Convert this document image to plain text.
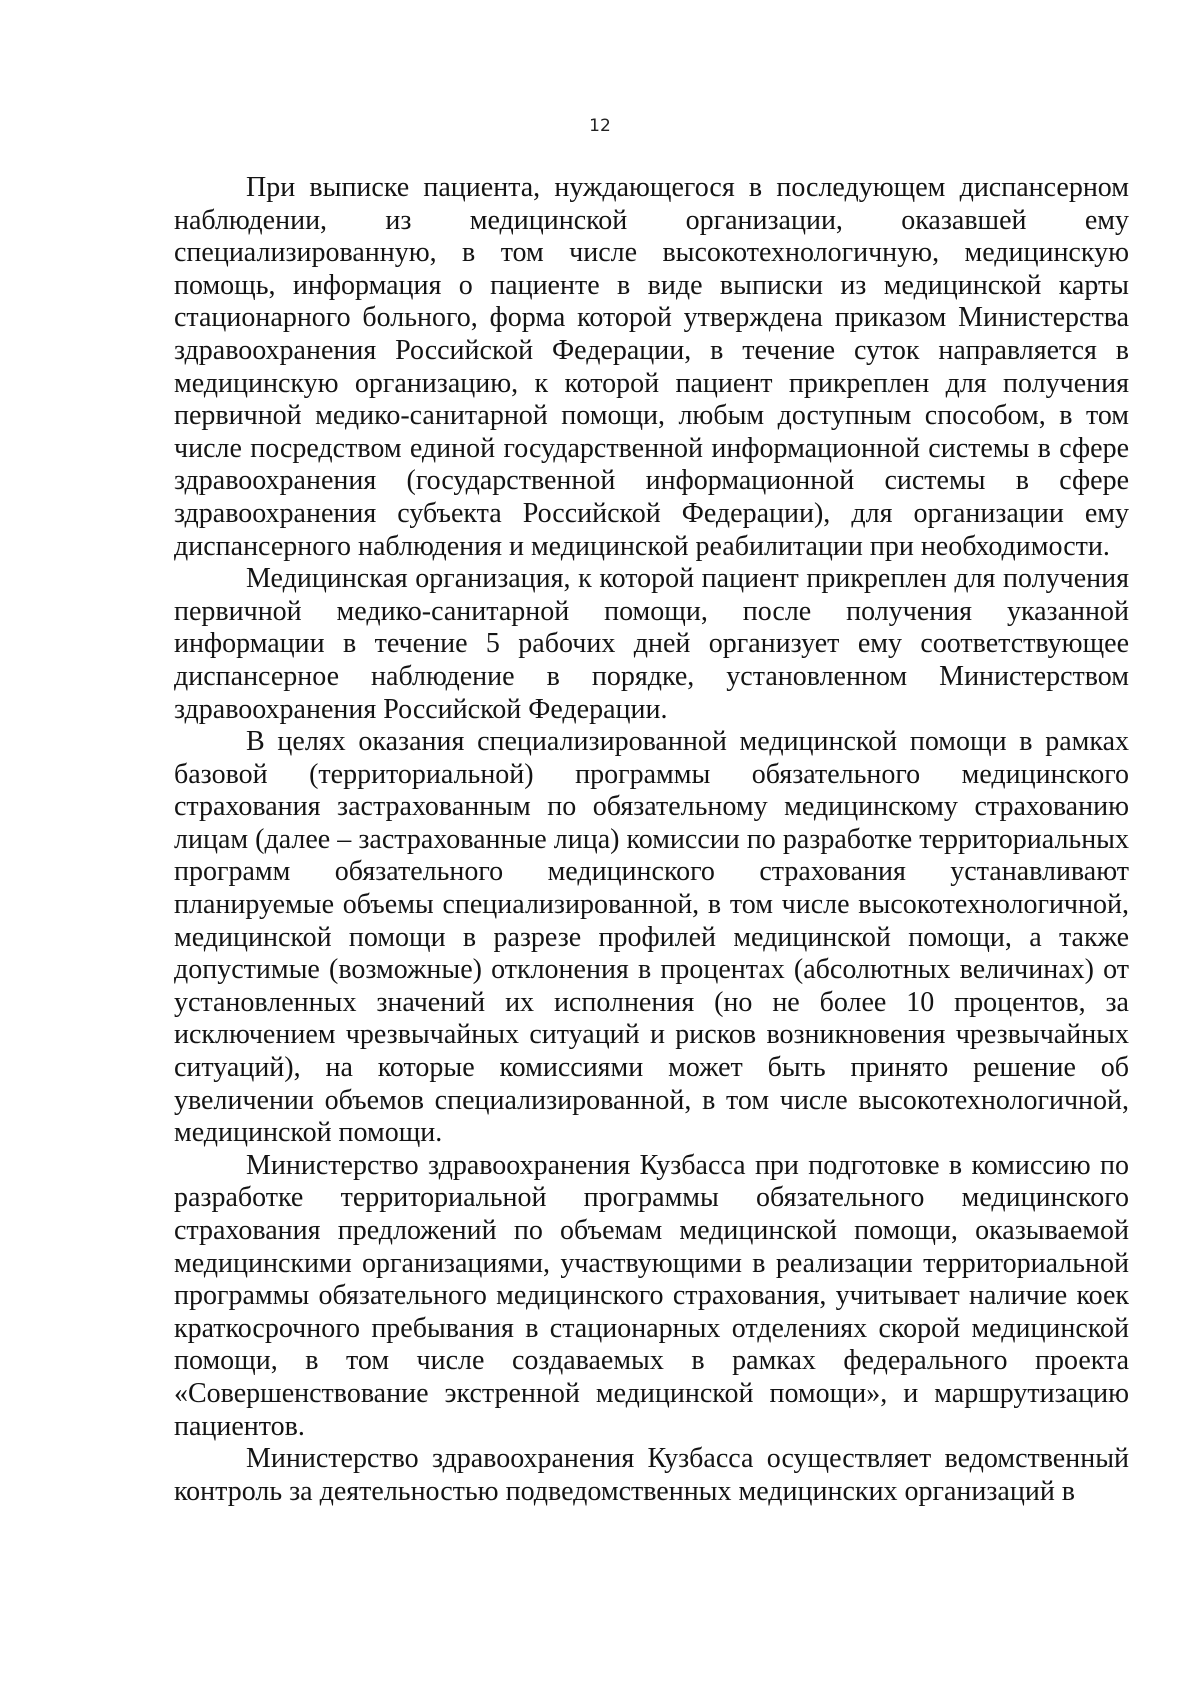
12

При выписке пациента, нуждающегося в последующем диспансерном наблюдении, из медицинской организации, оказавшей ему специализированную, в том числе высокотехнологичную, медицинскую помощь, информация о пациенте в виде выписки из медицинской карты стационарного больного, форма которой утверждена приказом Министерства здравоохранения Российской Федерации, в течение суток направляется в медицинскую организацию, к которой пациент прикреплен для получения первичной медико-санитарной помощи, любым доступным способом, в том числе посредством единой государственной информационной системы в сфере здравоохранения (государственной информационной системы в сфере здравоохранения субъекта Российской Федерации), для организации ему диспансерного наблюдения и медицинской реабилитации при необходимости.

Медицинская организация, к которой пациент прикреплен для получения первичной медико-санитарной помощи, после получения указанной информации в течение 5 рабочих дней организует ему соответствующее диспансерное наблюдение в порядке, установленном Министерством здравоохранения Российской Федерации.

В целях оказания специализированной медицинской помощи в рамках базовой (территориальной) программы обязательного медицинского страхования застрахованным по обязательному медицинскому страхованию лицам (далее – застрахованные лица) комиссии по разработке территориальных программ обязательного медицинского страхования устанавливают планируемые объемы специализированной, в том числе высокотехнологичной, медицинской помощи в разрезе профилей медицинской помощи, а также допустимые (возможные) отклонения в процентах (абсолютных величинах) от установленных значений их исполнения (но не более 10 процентов, за исключением чрезвычайных ситуаций и рисков возникновения чрезвычайных ситуаций), на которые комиссиями может быть принято решение об увеличении объемов специализированной, в том числе высокотехнологичной, медицинской помощи.

Министерство здравоохранения Кузбасса при подготовке в комиссию по разработке территориальной программы обязательного медицинского страхования предложений по объемам медицинской помощи, оказываемой медицинскими организациями, участвующими в реализации территориальной программы обязательного медицинского страхования, учитывает наличие коек краткосрочного пребывания в стационарных отделениях скорой медицинской помощи, в том числе создаваемых в рамках федерального проекта «Совершенствование экстренной медицинской помощи», и маршрутизацию пациентов.

Министерство здравоохранения Кузбасса осуществляет ведомственный контроль за деятельностью подведомственных медицинских организаций в
